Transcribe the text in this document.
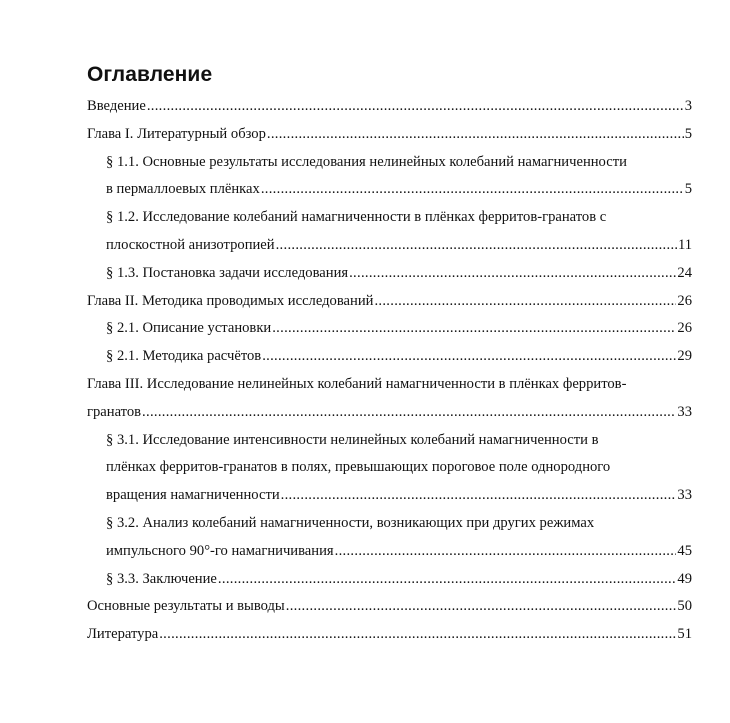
Оглавление
Введение .....	3
Глава I. Литературный обзор .....	5
§ 1.1. Основные результаты исследования нелинейных колебаний намагниченности
в пермаллоевых плёнках .....	5
§ 1.2. Исследование колебаний намагниченности в плёнках ферритов-гранатов с
плоскостной анизотропией .....	11
§ 1.3. Постановка задачи исследования .....	24
Глава II. Методика проводимых исследований .....	26
§ 2.1. Описание установки .....	26
§ 2.1. Методика расчётов .....	29
Глава III. Исследование нелинейных колебаний намагниченности в плёнках ферритов-
гранатов .....	33
§ 3.1. Исследование интенсивности нелинейных колебаний намагниченности в
плёнках ферритов-гранатов в полях, превышающих пороговое поле однородного
вращения намагниченности .....	33
§ 3.2. Анализ колебаний намагниченности, возникающих при других режимах
импульсного 90°-го намагничивания .....	45
§ 3.3. Заключение .....	49
Основные результаты и выводы .....	50
Литература .....	51
